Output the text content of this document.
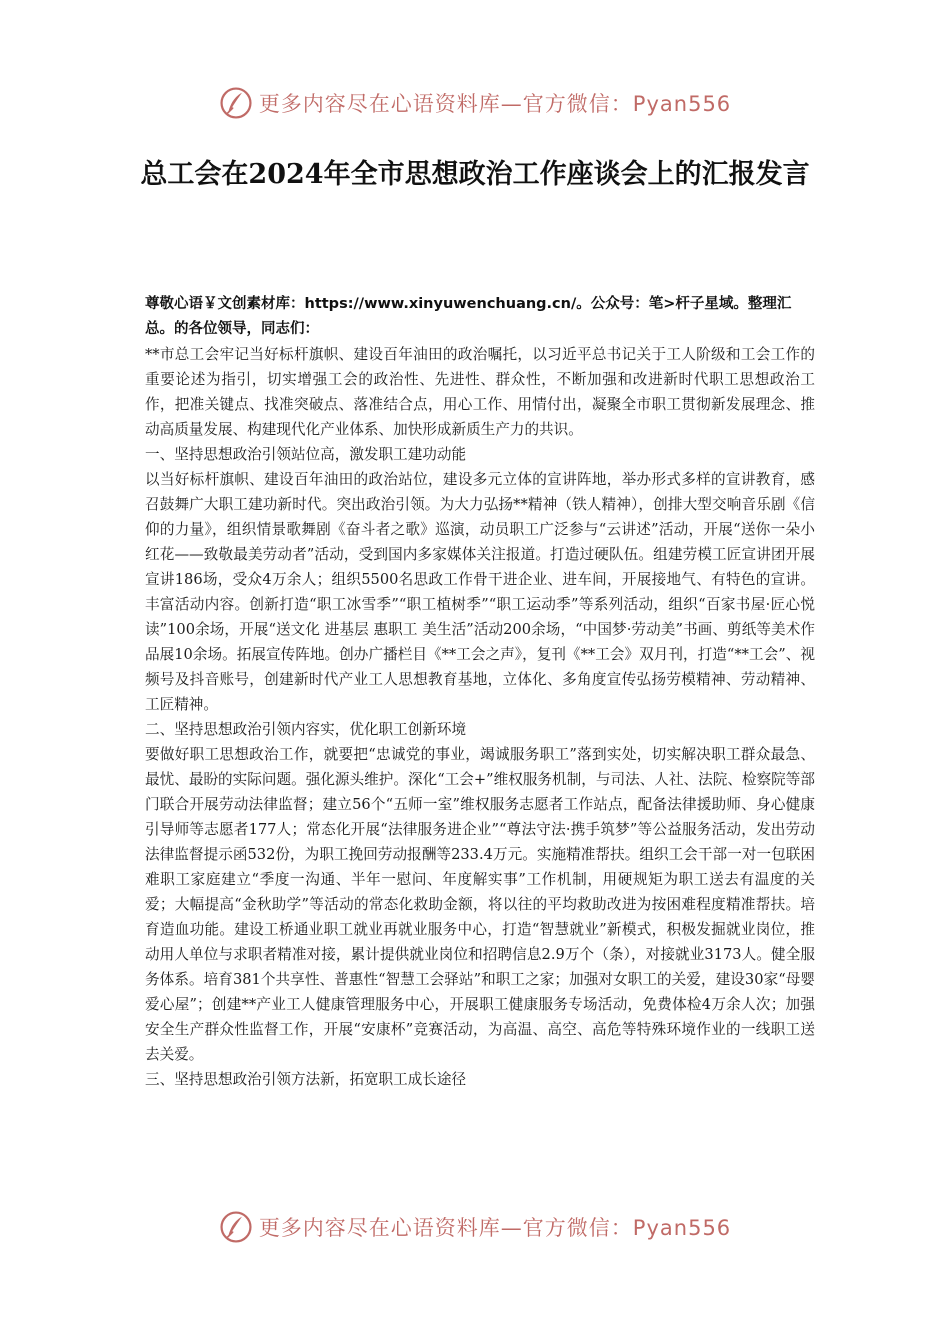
更多内容尽在心语资料库—官方微信：Pyan556
总工会在2024年全市思想政治工作座谈会上的汇报发言

尊敬心语￥文创素材库：https://www.xinyuwenchuang.cn/。公众号：笔>杆子星域。整理汇总。的各位领导，同志们：

**市总工会牢记当好标杆旗帜、建设百年油田的政治嘱托，以习近平总书记关于工人阶级和工会工作的重要论述为指引，切实增强工会的政治性、先进性、群众性，不断加强和改进新时代职工思想政治工作，把准关键点、找准突破点、落准结合点，用心工作、用情付出，凝聚全市职工贯彻新发展理念、推动高质量发展、构建现代化产业体系、加快形成新质生产力的共识。

一、坚持思想政治引领站位高，激发职工建功动能

以当好标杆旗帜、建设百年油田的政治站位，建设多元立体的宣讲阵地，举办形式多样的宣讲教育，感召鼓舞广大职工建功新时代。突出政治引领。为大力弘扬**精神（铁人精神），创排大型交响音乐剧《信仰的力量》，组织情景歌舞剧《奋斗者之歌》巡演，动员职工广泛参与“云讲述”活动，开展“送你一朵小红花——致敬最美劳动者”活动，受到国内多家媒体关注报道。打造过硬队伍。组建劳模工匠宣讲团开展宣讲186场，受众4万余人；组织5500名思政工作骨干进企业、进车间，开展接地气、有特色的宣讲。丰富活动内容。创新打造“职工冰雪季”“职工植树季”“职工运动季”等系列活动，组织“百家书屋·匠心悦读”100余场，开展“送文化 进基层 惠职工 美生活”活动200余场，“中国梦·劳动美”书画、剪纸等美术作品展10余场。拓展宣传阵地。创办广播栏目《**工会之声》，复刊《**工会》双月刊，打造“**工会”、视频号及抖音账号，创建新时代产业工人思想教育基地，立体化、多角度宣传弘扬劳模精神、劳动精神、工匠精神。

二、坚持思想政治引领内容实，优化职工创新环境

要做好职工思想政治工作，就要把“忠诚党的事业，竭诚服务职工”落到实处，切实解决职工群众最急、最忧、最盼的实际问题。强化源头维护。深化“工会+”维权服务机制，与司法、人社、法院、检察院等部门联合开展劳动法律监督；建立56个“五师一室”维权服务志愿者工作站点，配备法律援助师、身心健康引导师等志愿者177人；常态化开展“法律服务进企业”“尊法守法·携手筑梦”等公益服务活动，发出劳动法律监督提示函532份，为职工挽回劳动报酬等233.4万元。实施精准帮扶。组织工会干部一对一包联困难职工家庭建立“季度一沟通、半年一慰问、年度解实事”工作机制，用硬规矩为职工送去有温度的关爱；大幅提高“金秋助学”等活动的常态化救助金额，将以往的平均救助改进为按困难程度精准帮扶。培育造血功能。建设工桥通业职工就业再就业服务中心，打造“智慧就业”新模式，积极发掘就业岗位，推动用人单位与求职者精准对接，累计提供就业岗位和招聘信息2.9万个（条），对接就业3173人。健全服务体系。培育381个共享性、普惠性“智慧工会驿站”和职工之家；加强对女职工的关爱，建设30家“母婴爱心屋”；创建**产业工人健康管理服务中心，开展职工健康服务专场活动，免费体检4万余人次；加强安全生产群众性监督工作，开展“安康杯”竞赛活动，为高温、高空、高危等特殊环境作业的一线职工送去关爱。

三、坚持思想政治引领方法新，拓宽职工成长途径

更多内容尽在心语资料库—官方微信：Pyan556
